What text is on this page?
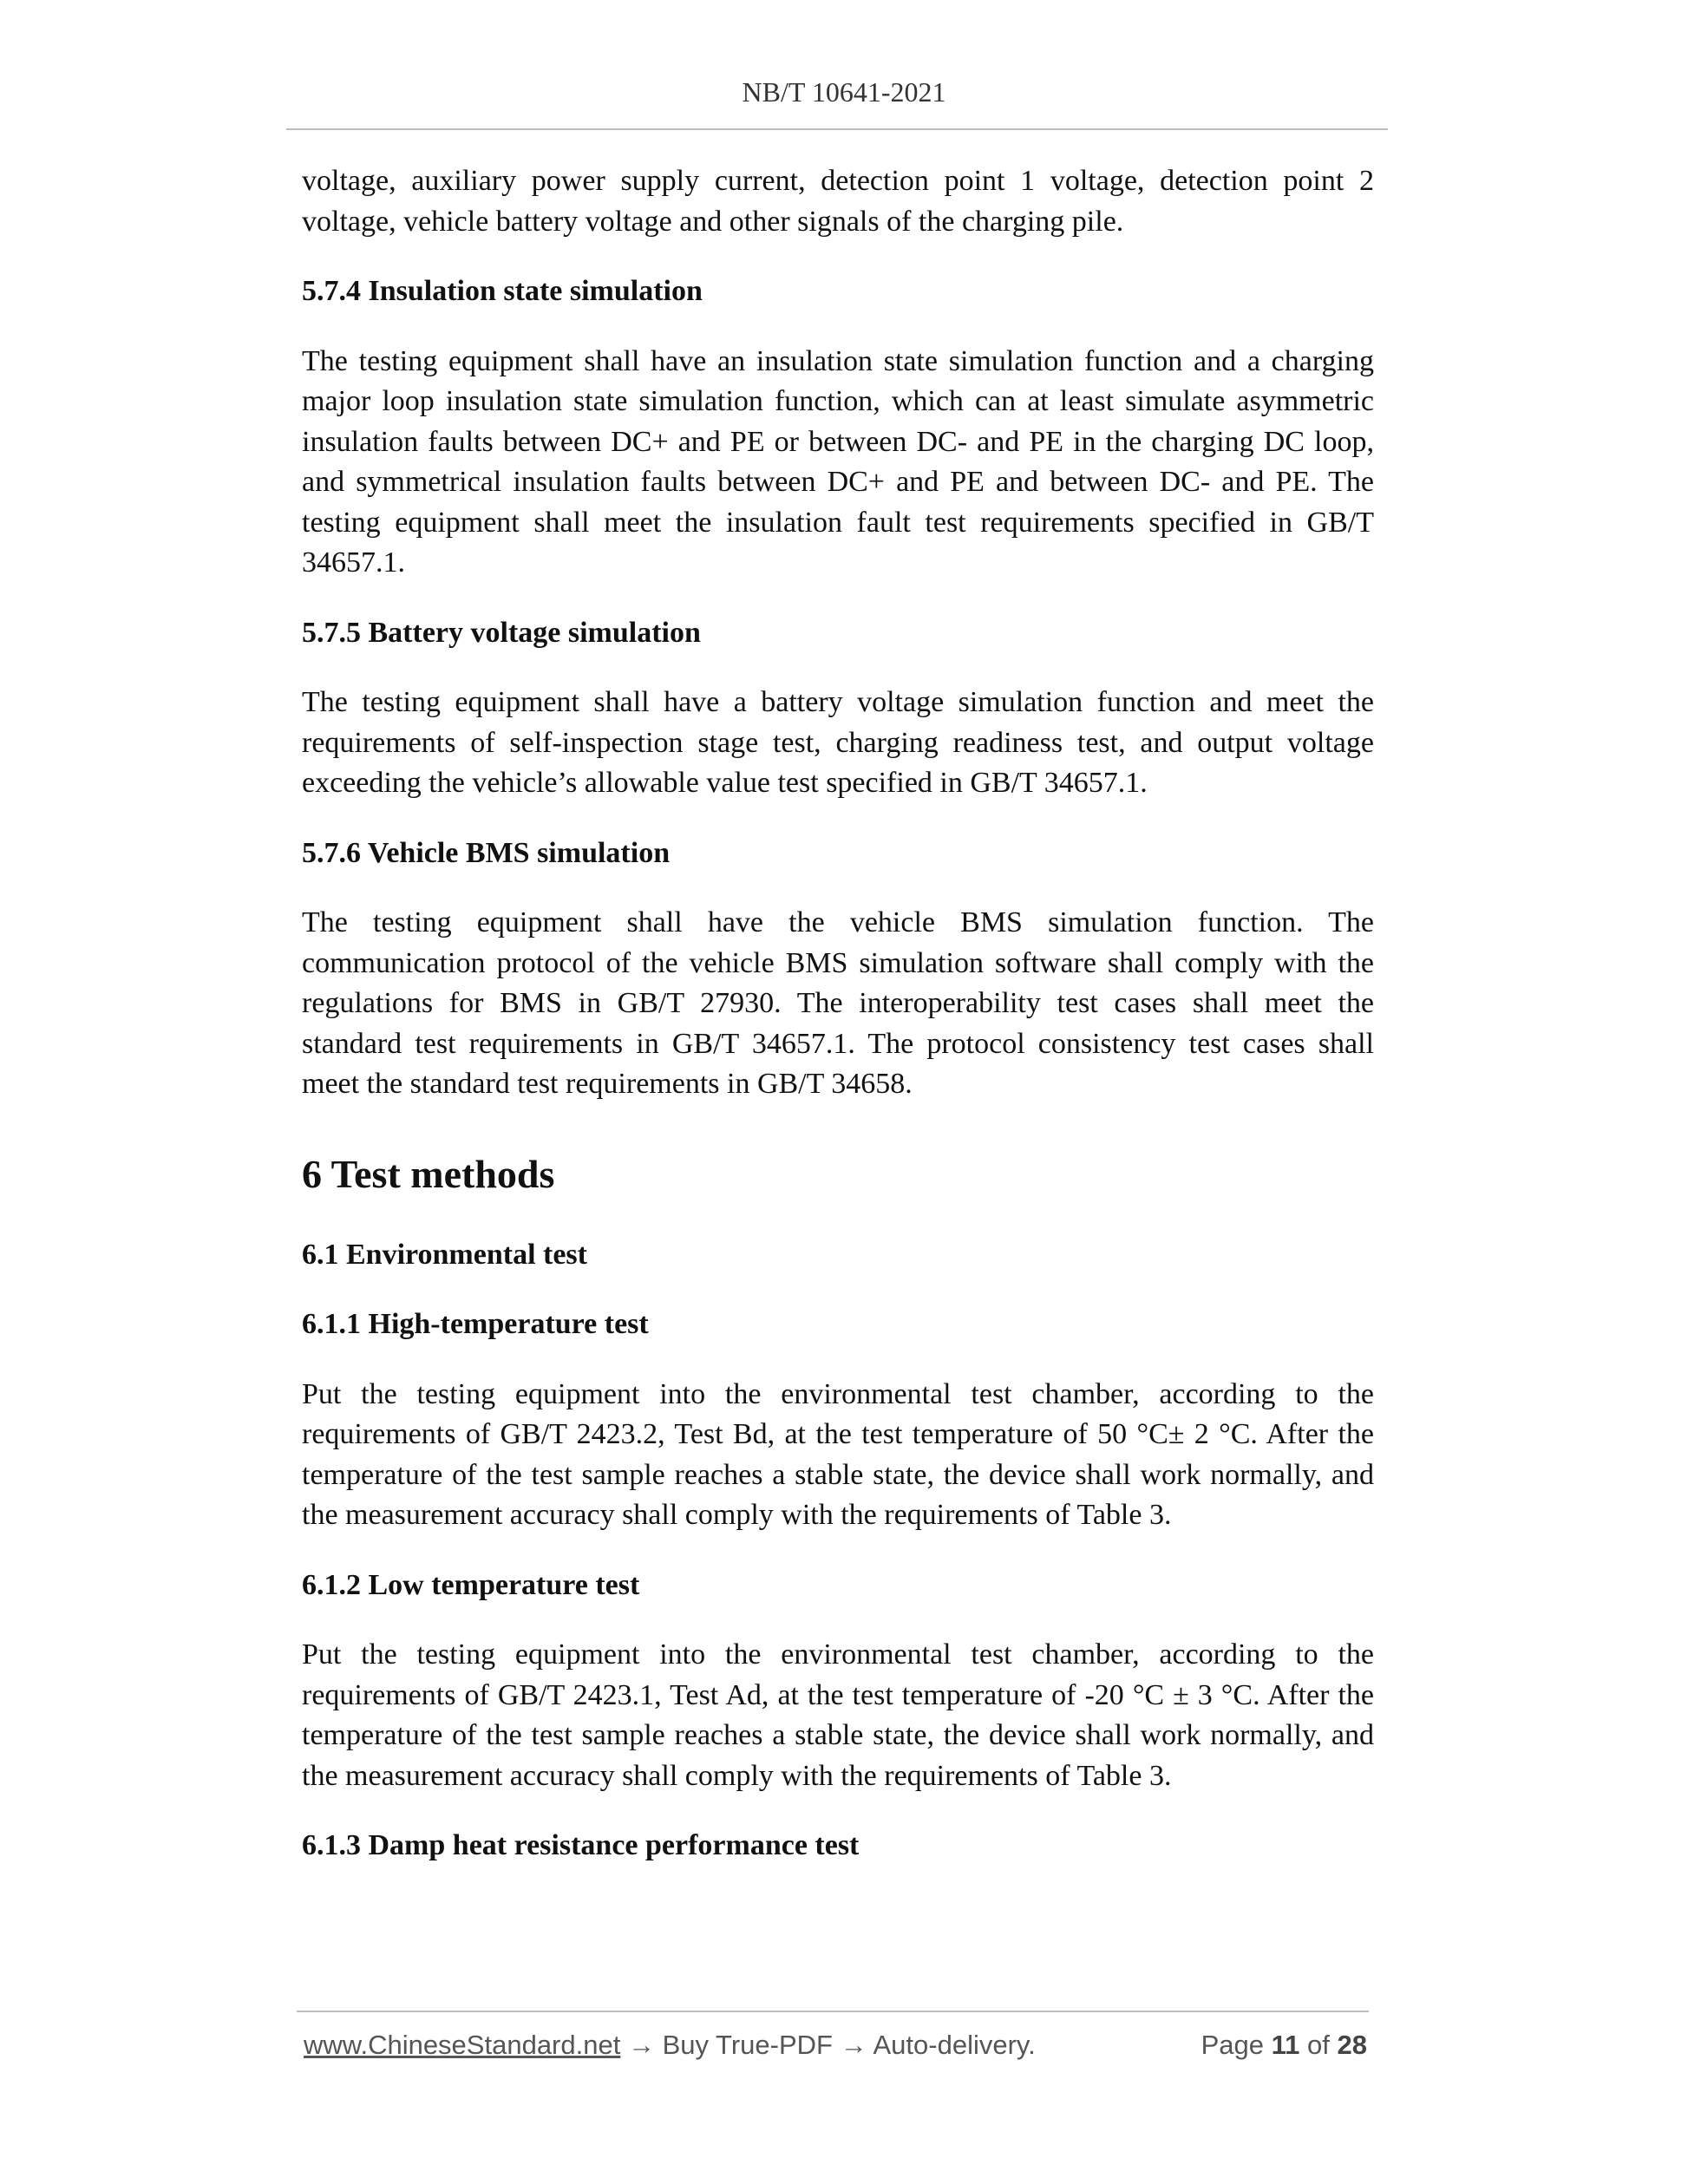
NB/T 10641-2021

voltage, auxiliary power supply current, detection point 1 voltage, detection point 2 voltage, vehicle battery voltage and other signals of the charging pile.

5.7.4 Insulation state simulation

The testing equipment shall have an insulation state simulation function and a charging major loop insulation state simulation function, which can at least simulate asymmetric insulation faults between DC+ and PE or between DC- and PE in the charging DC loop, and symmetrical insulation faults between DC+ and PE and between DC- and PE. The testing equipment shall meet the insulation fault test requirements specified in GB/T 34657.1.

5.7.5 Battery voltage simulation

The testing equipment shall have a battery voltage simulation function and meet the requirements of self-inspection stage test, charging readiness test, and output voltage exceeding the vehicle’s allowable value test specified in GB/T 34657.1.

5.7.6 Vehicle BMS simulation

The testing equipment shall have the vehicle BMS simulation function. The communication protocol of the vehicle BMS simulation software shall comply with the regulations for BMS in GB/T 27930. The interoperability test cases shall meet the standard test requirements in GB/T 34657.1. The protocol consistency test cases shall meet the standard test requirements in GB/T 34658.

6 Test methods
6.1 Environmental test
6.1.1 High-temperature test

Put the testing equipment into the environmental test chamber, according to the requirements of GB/T 2423.2, Test Bd, at the test temperature of 50 °C± 2 °C. After the temperature of the test sample reaches a stable state, the device shall work normally, and the measurement accuracy shall comply with the requirements of Table 3.

6.1.2 Low temperature test

Put the testing equipment into the environmental test chamber, according to the requirements of GB/T 2423.1, Test Ad, at the test temperature of -20 °C ± 3 °C. After the temperature of the test sample reaches a stable state, the device shall work normally, and the measurement accuracy shall comply with the requirements of Table 3.

6.1.3 Damp heat resistance performance test
www.ChineseStandard.net → Buy True-PDF → Auto-delivery.	Page 11 of 28
